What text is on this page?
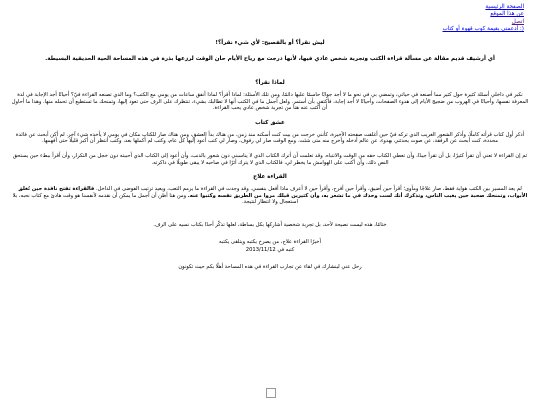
الصفحة الرئيسية
عن هذا الموقع
اتصل
أدعمني بقيمة كوب قهوة أو كتاب :)
ليش نقرأ؟ أو بالفصيح: لأي شيء نقرأ؟!
أي أرشيف قديم مقالة عن مسألة قراءة الكتب وتجربة شخص عادي فيها، لأنها درجت مع رياح الأيام حان الوقت لرزعها بذرة في هذه المساحة الحية الحديقية البسيطة.
لماذا نقرأ؟
نكبر في داخلي أسئلة كثيرة حول كثير مما أصنعه في حياتي، وتمضي بي في نحو ما لا أجد جوابًا حاسمًا عليها دائمًا، ومن تلك الأسئلة: لماذا أقرأ؟ لماذا أنفق ساعات من يومي مع الكتب؟ وما الذي تصنعه القراءة فيّ؟ أحيانًا أجد الإجابة في لذة المعرفة نفسها، وأحيانًا في الهروب من ضجيج الأيام إلى هدوء الصفحات، وأحيانًا لا أجد إجابة، فأكتفي بأن أستمر. ولعل أجمل ما في الكتب أنها لا تطالبك بشيء، تنتظرك على الرف حتى تعود إليها، وتمنحك ما تستطيع أن تحمله منها. وهذا ما أحاول أن أكتب عنه هنا من تجربة شخص عادي يحب القراءة.
عشق كتاب
أذكر أول كتاب قرأته كاملًا، وأذكر الشعور الغريب الذي تركه فيّ حين أغلقت صفحته الأخيرة، كأنني خرجت من بيت كنت أسكنه منذ زمن. من هناك بدأ العشق، ومن هناك صار للكتاب مكان في يومي لا يأخذه شيء آخر. لم أكن أبحث عن فائدة محددة، كنت أبحث عن الرفقة، عن صوت يحدثني بهدوء، عن عالم أدخله وأخرج منه متى شئت. ومع الوقت صار لي رفوف، وصار لي كتب أعود إليها كل عام، وكتب لم أكملها بعد، وكتب أنتظر أن أكبر قليلًا حتى أفهمها.
ثم إن القراءة لا تعني أن تقرأ كثيرًا، بل أن تقرأ جيدًا، وأن تعطي الكتاب حقه من الوقت والانتباه. وقد تعلمت أن أترك الكتاب الذي لا يناسبني دون شعور بالذنب، وأن أعود إلى الكتاب الذي أحببته دون خجل من التكرار، وأن أقرأ ببطء حين يستحق النص ذلك، وأن أكتب على الهوامش ما يخطر لي، فالكتاب الذي لا يترك أثرًا في صاحبه لا يبقى طويلًا في ذاكرته.
القراءة علاج
لم يعد المسير بين الكتب هواية فقط، صار علاجًا ومأوى؛ أقرأ حين أضيق، وأقرأ حين أفرح، وأقرأ حين لا أعرف ماذا أفعل بنفسي. وقد وجدت في القراءة ما يرمم التعب، ويعيد ترتيب الفوضى في الداخل. فالقراءة تفتح نافذة حين تُغلق الأبواب، وتمنحك صحبة حين يغيب الناس، وتذكرك أنك لست وحدك في ما تشعر به، وأن كثيرين قبلك مروا من الطريق نفسه وكتبوا عنه. ومن هنا أظن أن أجمل ما يمكن أن نقدمه لأنفسنا هو وقت هادئ مع كتاب نحبه، بلا استعجال ولا انتظار لنتيجة.
ختامًا، هذه ليست نصيحة لأحد، بل تجربة شخصية أشاركها بكل بساطة، لعلها تذكّر أحدًا بكتاب نسيه على الرف.
أخيرًا القراءة علاج، من يصرخ يكتبه ويتلقى يكتبه
كتبه في 2013/11/12
رحل عني لينشارك في لقاء عن تجارب القراءة في هذه المساحة أهلًا بكم حيث تكونون
